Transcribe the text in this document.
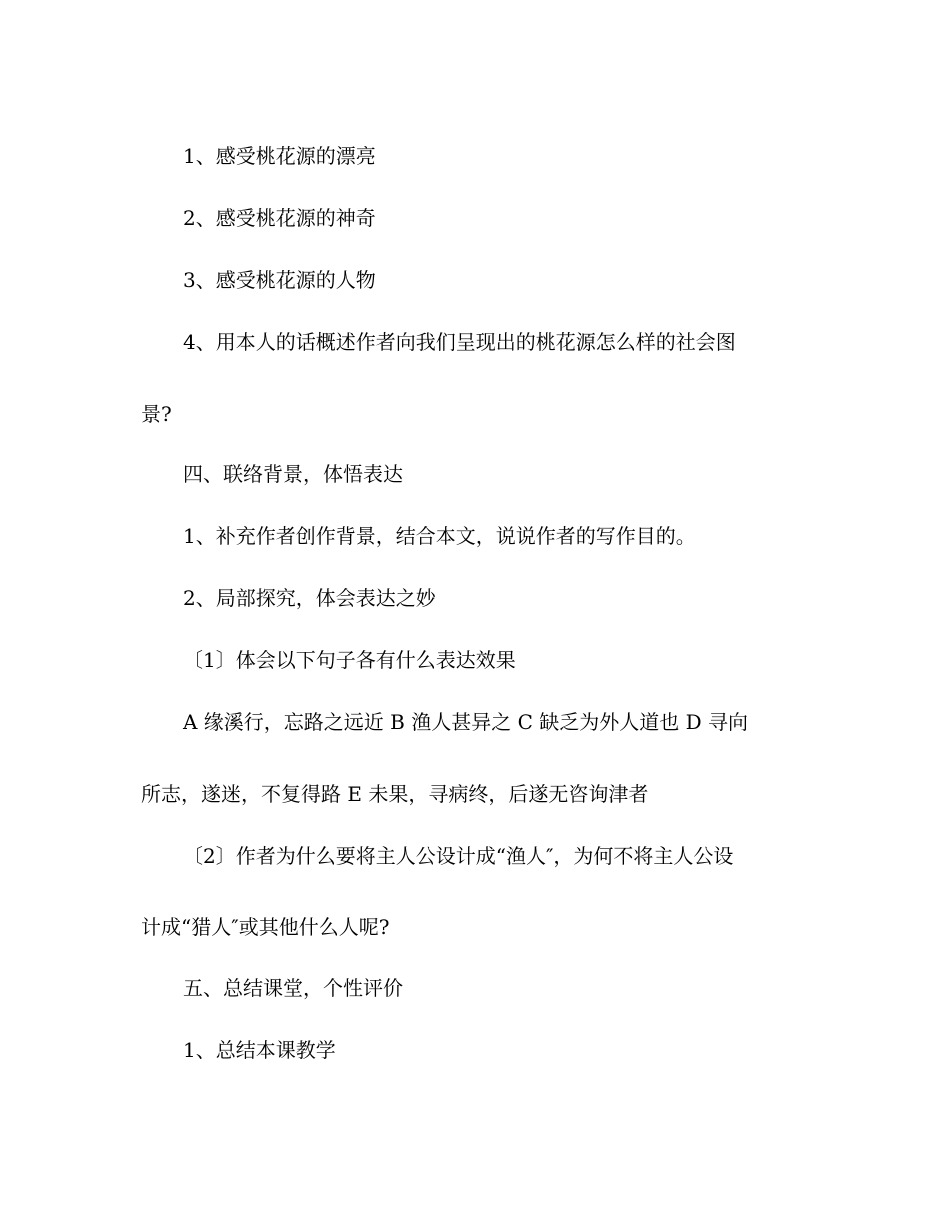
1、感受桃花源的漂亮
2、感受桃花源的神奇
3、感受桃花源的人物
4、用本人的话概述作者向我们呈现出的桃花源怎么样的社会图
景?
四、联络背景，体悟表达
1、补充作者创作背景，结合本文，说说作者的写作目的。
2、局部探究，体会表达之妙
〔1〕体会以下句子各有什么表达效果
A 缘溪行，忘路之远近 B 渔人甚异之 C 缺乏为外人道也 D 寻向
所志，遂迷，不复得路 E 未果，寻病终，后遂无咨询津者
〔2〕作者为什么要将主人公设计成“渔人″，为何不将主人公设
计成“猎人″或其他什么人呢?
五、总结课堂，个性评价
1、总结本课教学
